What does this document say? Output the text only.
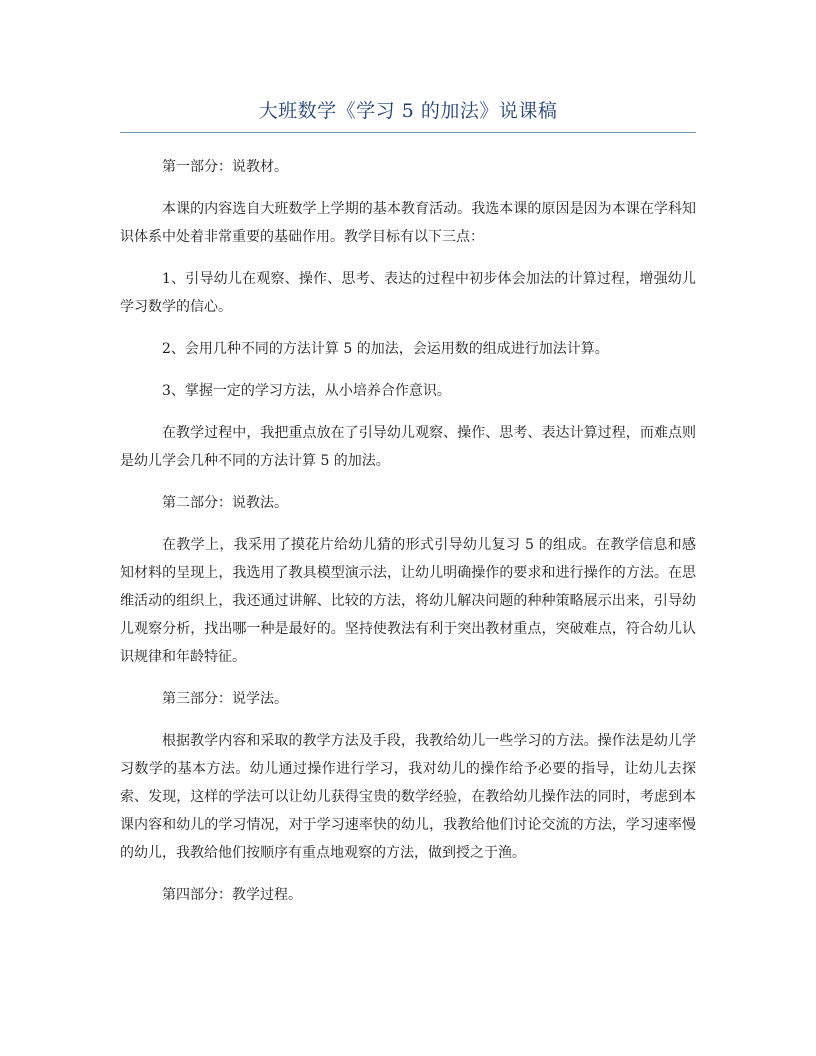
大班数学《学习 5 的加法》说课稿

第一部分：说教材。

本课的内容选自大班数学上学期的基本教育活动。我选本课的原因是因为本课在学科知识体系中处着非常重要的基础作用。教学目标有以下三点：

1、引导幼儿在观察、操作、思考、表达的过程中初步体会加法的计算过程，增强幼儿学习数学的信心。

2、会用几种不同的方法计算 5 的加法，会运用数的组成进行加法计算。

3、掌握一定的学习方法，从小培养合作意识。

在教学过程中，我把重点放在了引导幼儿观察、操作、思考、表达计算过程，而难点则是幼儿学会几种不同的方法计算 5 的加法。

第二部分：说教法。

在教学上，我采用了摸花片给幼儿猜的形式引导幼儿复习 5 的组成。在教学信息和感知材料的呈现上，我选用了教具模型演示法，让幼儿明确操作的要求和进行操作的方法。在思维活动的组织上，我还通过讲解、比较的方法，将幼儿解决问题的种种策略展示出来，引导幼儿观察分析，找出哪一种是最好的。坚持使教法有利于突出教材重点，突破难点，符合幼儿认识规律和年龄特征。

第三部分：说学法。

根据教学内容和采取的教学方法及手段，我教给幼儿一些学习的方法。操作法是幼儿学习数学的基本方法。幼儿通过操作进行学习，我对幼儿的操作给予必要的指导，让幼儿去探索、发现，这样的学法可以让幼儿获得宝贵的数学经验，在教给幼儿操作法的同时，考虑到本课内容和幼儿的学习情况，对于学习速率快的幼儿，我教给他们讨论交流的方法，学习速率慢的幼儿，我教给他们按顺序有重点地观察的方法，做到授之于渔。

第四部分：教学过程。
